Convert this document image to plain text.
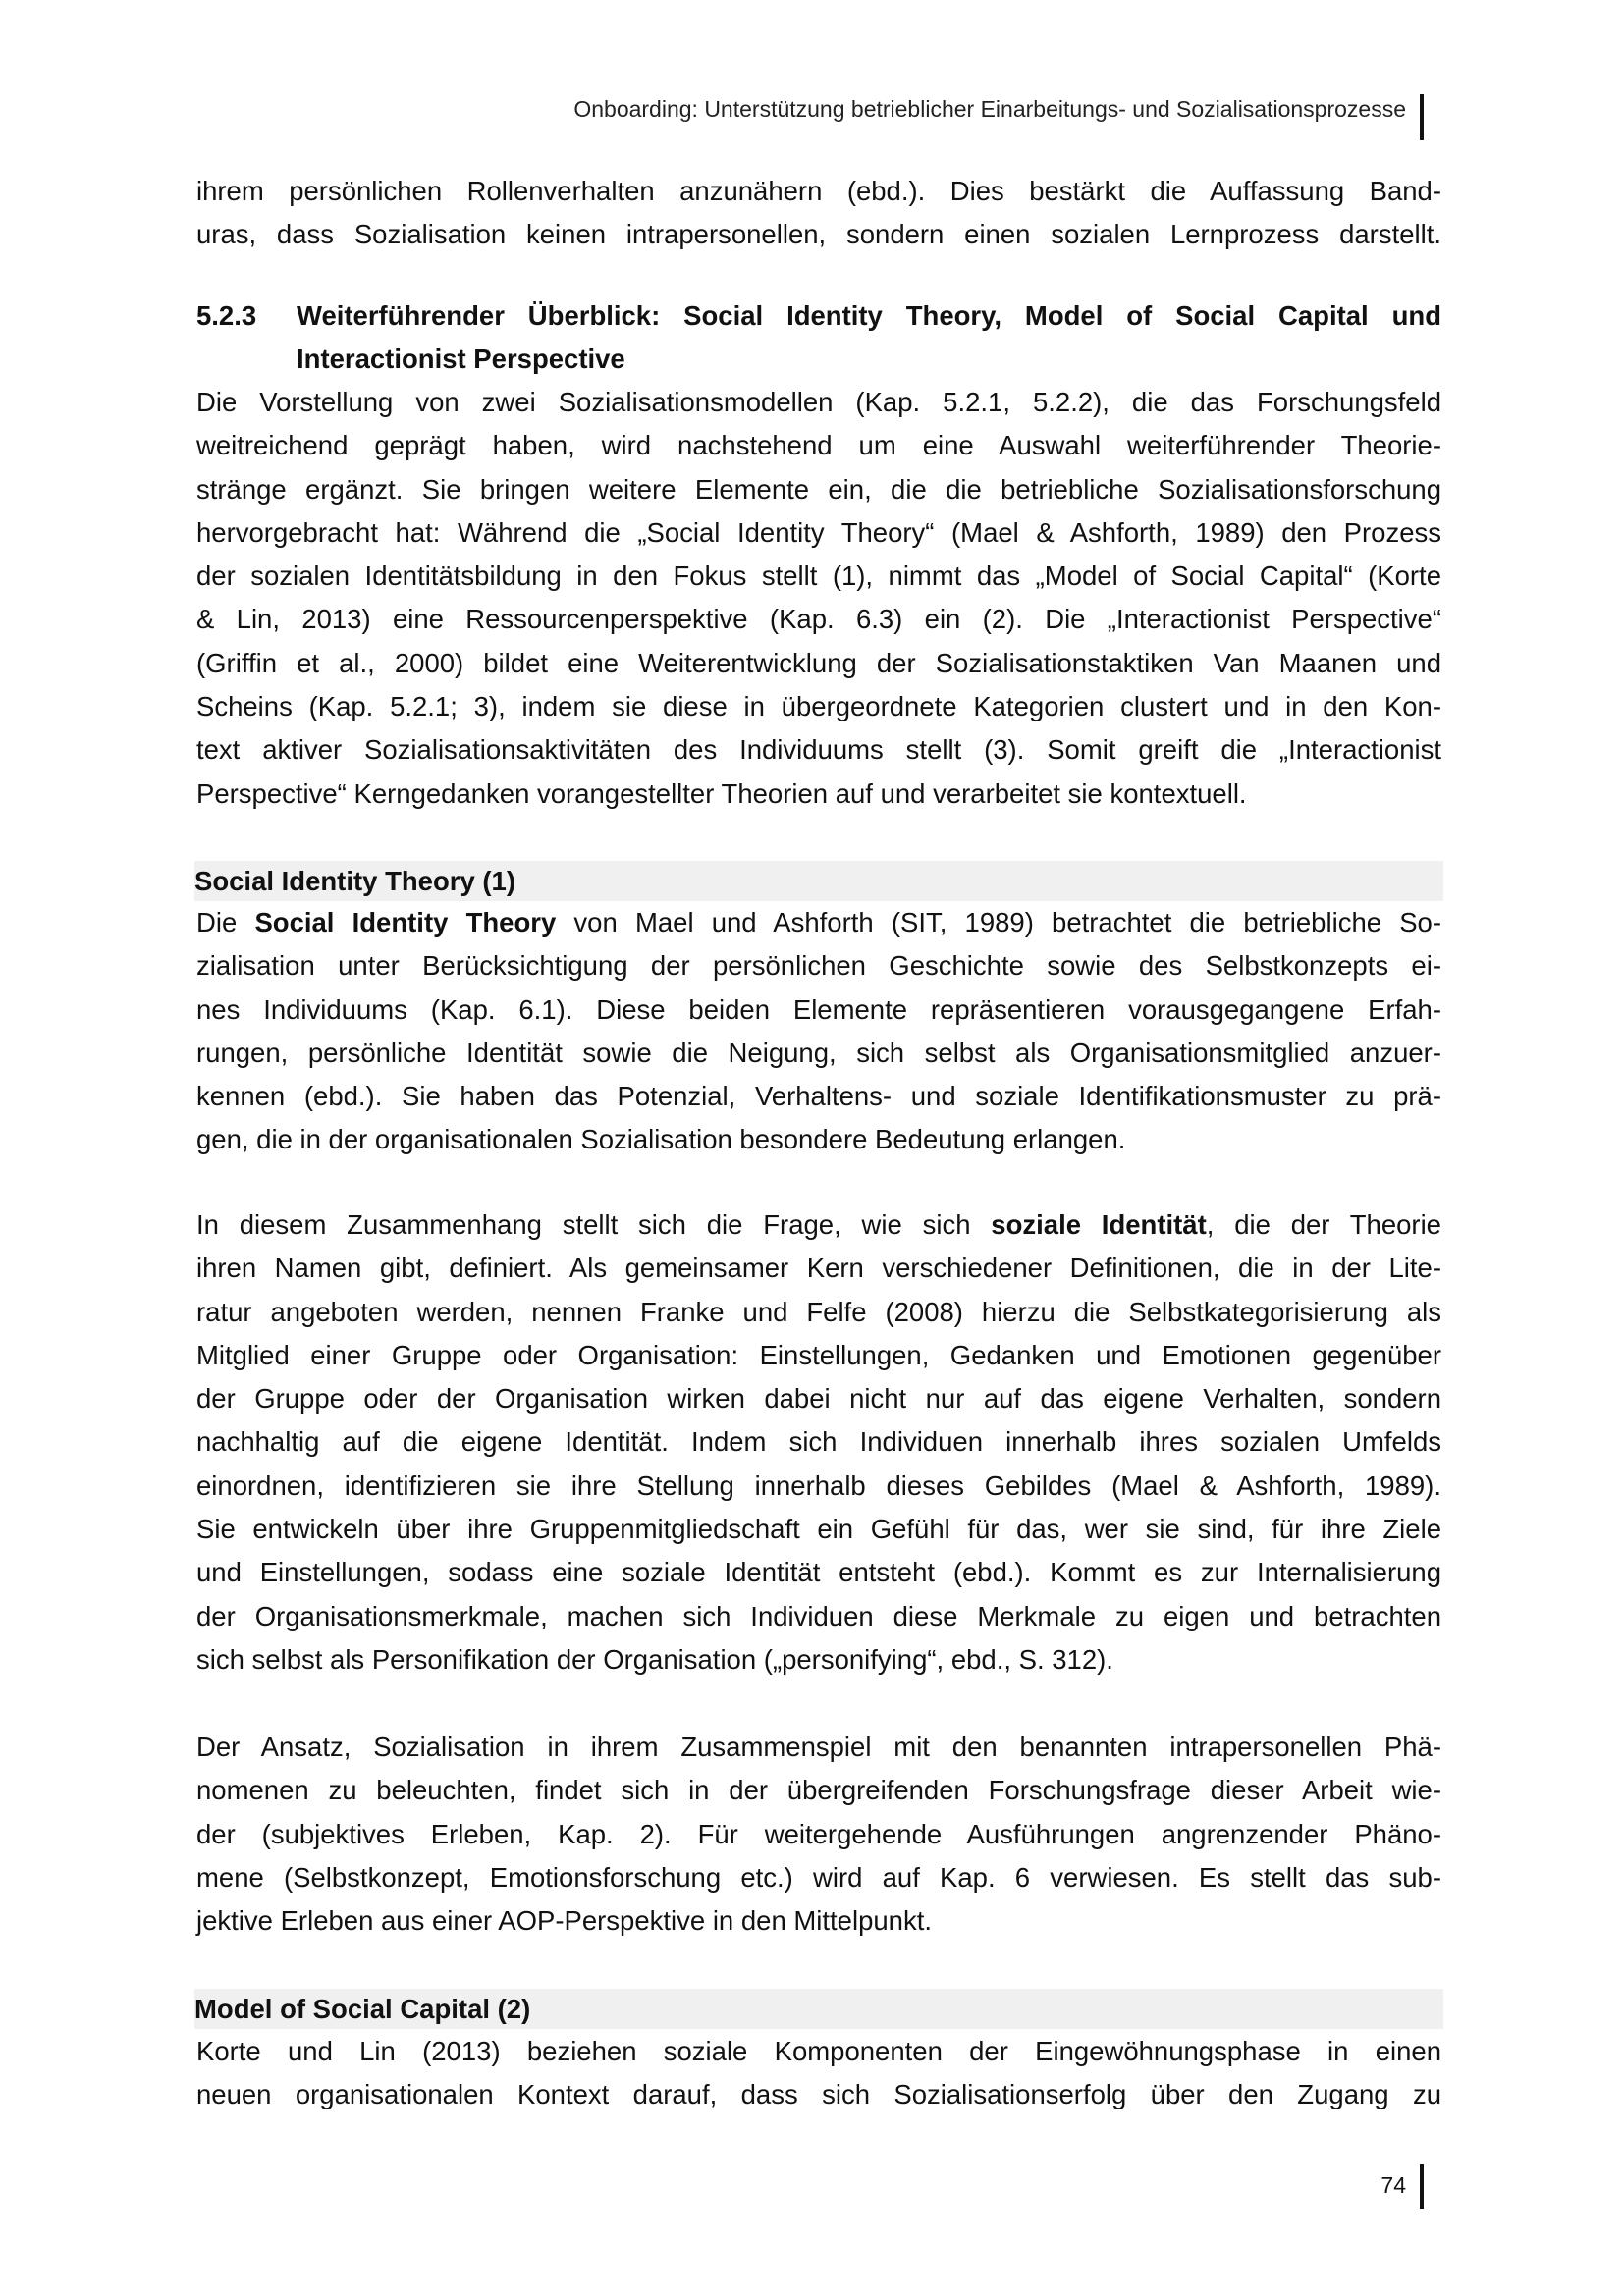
Onboarding: Unterstützung betrieblicher Einarbeitungs- und Sozialisationsprozesse
ihrem persönlichen Rollenverhalten anzunähern (ebd.). Dies bestärkt die Auffassung Band-
uras, dass Sozialisation keinen intrapersonellen, sondern einen sozialen Lernprozess darstellt.
5.2.3 Weiterführender Überblick: Social Identity Theory, Model of Social Capital und
Interactionist Perspective
Die Vorstellung von zwei Sozialisationsmodellen (Kap. 5.2.1, 5.2.2), die das Forschungsfeld
weitreichend geprägt haben, wird nachstehend um eine Auswahl weiterführender Theorie-
stränge ergänzt. Sie bringen weitere Elemente ein, die die betriebliche Sozialisationsforschung
hervorgebracht hat: Während die „Social Identity Theory“ (Mael & Ashforth, 1989) den Prozess
der sozialen Identitätsbildung in den Fokus stellt (1), nimmt das „Model of Social Capital“ (Korte
& Lin, 2013) eine Ressourcenperspektive (Kap. 6.3) ein (2). Die „Interactionist Perspective“
(Griffin et al., 2000) bildet eine Weiterentwicklung der Sozialisationstaktiken Van Maanen und
Scheins (Kap. 5.2.1; 3), indem sie diese in übergeordnete Kategorien clustert und in den Kon-
text aktiver Sozialisationsaktivitäten des Individuums stellt (3). Somit greift die „Interactionist
Perspective“ Kerngedanken vorangestellter Theorien auf und verarbeitet sie kontextuell.
Social Identity Theory (1)
Die Social Identity Theory von Mael und Ashforth (SIT, 1989) betrachtet die betriebliche So-
zialisation unter Berücksichtigung der persönlichen Geschichte sowie des Selbstkonzepts ei-
nes Individuums (Kap. 6.1). Diese beiden Elemente repräsentieren vorausgegangene Erfah-
rungen, persönliche Identität sowie die Neigung, sich selbst als Organisationsmitglied anzuer-
kennen (ebd.). Sie haben das Potenzial, Verhaltens- und soziale Identifikationsmuster zu prä-
gen, die in der organisationalen Sozialisation besondere Bedeutung erlangen.
In diesem Zusammenhang stellt sich die Frage, wie sich soziale Identität, die der Theorie
ihren Namen gibt, definiert. Als gemeinsamer Kern verschiedener Definitionen, die in der Lite-
ratur angeboten werden, nennen Franke und Felfe (2008) hierzu die Selbstkategorisierung als
Mitglied einer Gruppe oder Organisation: Einstellungen, Gedanken und Emotionen gegenüber
der Gruppe oder der Organisation wirken dabei nicht nur auf das eigene Verhalten, sondern
nachhaltig auf die eigene Identität. Indem sich Individuen innerhalb ihres sozialen Umfelds
einordnen, identifizieren sie ihre Stellung innerhalb dieses Gebildes (Mael & Ashforth, 1989).
Sie entwickeln über ihre Gruppenmitgliedschaft ein Gefühl für das, wer sie sind, für ihre Ziele
und Einstellungen, sodass eine soziale Identität entsteht (ebd.). Kommt es zur Internalisierung
der Organisationsmerkmale, machen sich Individuen diese Merkmale zu eigen und betrachten
sich selbst als Personifikation der Organisation („personifying“, ebd., S. 312).
Der Ansatz, Sozialisation in ihrem Zusammenspiel mit den benannten intrapersonellen Phä-
nomenen zu beleuchten, findet sich in der übergreifenden Forschungsfrage dieser Arbeit wie-
der (subjektives Erleben, Kap. 2). Für weitergehende Ausführungen angrenzender Phäno-
mene (Selbstkonzept, Emotionsforschung etc.) wird auf Kap. 6 verwiesen. Es stellt das sub-
jektive Erleben aus einer AOP-Perspektive in den Mittelpunkt.
Model of Social Capital (2)
Korte und Lin (2013) beziehen soziale Komponenten der Eingewöhnungsphase in einen
neuen organisationalen Kontext darauf, dass sich Sozialisationserfolg über den Zugang zu
74
